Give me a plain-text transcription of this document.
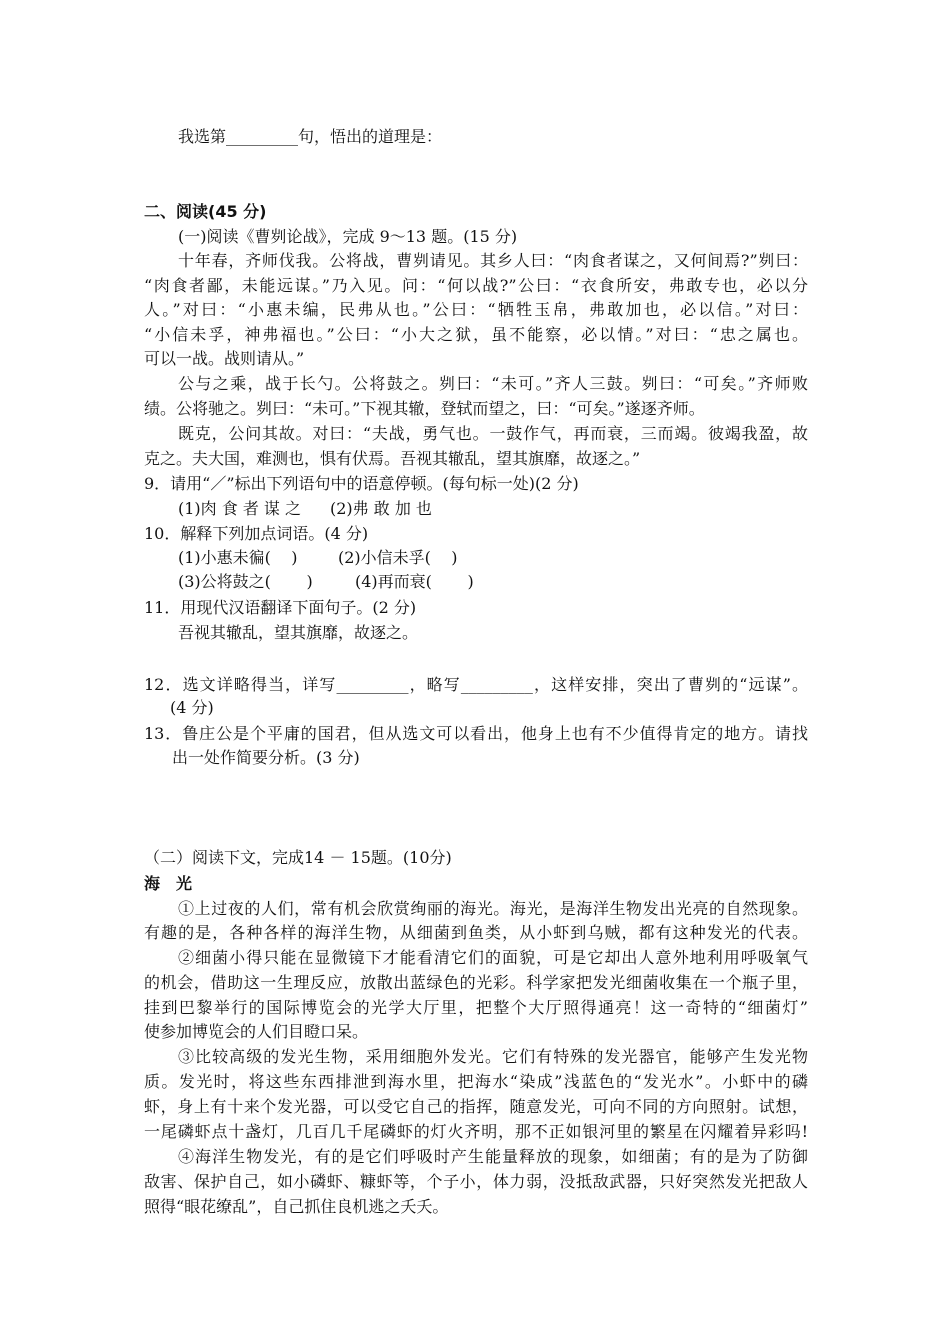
我选第_________句，悟出的道理是：
二、阅读(45 分)
(一)阅读《曹刿论战》，完成 9～13 题。(15 分)
十年春，齐师伐我。公将战，曹刿请见。其乡人曰：“肉食者谋之，又何间焉?”刿曰：
“肉食者鄙，未能远谋。”乃入见。问：“何以战?”公曰：“衣食所安，弗敢专也，必以分
人。”对曰：“小惠未编，民弗从也。”公曰：“牺牲玉帛，弗敢加也，必以信。”对曰：
“小信未孚，神弗福也。”公曰：“小大之狱，虽不能察，必以情。”对曰：“忠之属也。
可以一战。战则请从。”
公与之乘，战于长勺。公将鼓之。刿曰：“未可。”齐人三鼓。刿曰：“可矣。”齐师败
绩。公将驰之。刿曰：“未可。”下视其辙，登轼而望之，曰：“可矣。”遂逐齐师。
既克，公问其故。对曰：“夫战，勇气也。一鼓作气，再而衰，三而竭。彼竭我盈，故
克之。夫大国，难测也，惧有伏焉。吾视其辙乱，望其旗靡，故逐之。”
9．请用“／”标出下列语句中的语意停顿。(每句标一处)(2 分)
(1)肉 食 者 谋 之 (2)弗 敢 加 也
10．解释下列加点词语。(4 分)
(1)小惠未徧(    )	(2)小信未孚(    )
(3)公将鼓之(       )	(4)再而衰(       )
11．用现代汉语翻译下面句子。(2 分)
吾视其辙乱，望其旗靡，故逐之。
12．选文详略得当，详写_________，略写_________，这样安排，突出了曹刿的“远谋”。
(4 分)
13．鲁庄公是个平庸的国君，但从选文可以看出，他身上也有不少值得肯定的地方。请找
出一处作简要分析。(3 分)
（二）阅读下文，完成14 － 15题。(10分)
海　光
①上过夜的人们，常有机会欣赏绚丽的海光。海光，是海洋生物发出光亮的自然现象。
有趣的是，各种各样的海洋生物，从细菌到鱼类，从小虾到乌贼，都有这种发光的代表。
②细菌小得只能在显微镜下才能看清它们的面貌，可是它却出人意外地利用呼吸氧气
的机会，借助这一生理反应，放散出蓝绿色的光彩。科学家把发光细菌收集在一个瓶子里，
挂到巴黎举行的国际博览会的光学大厅里，把整个大厅照得通亮！这一奇特的“细菌灯”
使参加博览会的人们目瞪口呆。
③比较高级的发光生物，采用细胞外发光。它们有特殊的发光器官，能够产生发光物
质。发光时，将这些东西排泄到海水里，把海水“染成”浅蓝色的“发光水”。小虾中的磷
虾，身上有十来个发光器，可以受它自己的指挥，随意发光，可向不同的方向照射。试想，
一尾磷虾点十盏灯，几百几千尾磷虾的灯火齐明，那不正如银河里的繁星在闪耀着异彩吗!
④海洋生物发光，有的是它们呼吸时产生能量释放的现象，如细菌；有的是为了防御
敌害、保护自己，如小磷虾、糠虾等，个子小，体力弱，没抵敌武器，只好突然发光把敌人
照得“眼花缭乱”，自己抓住良机逃之夭夭。
